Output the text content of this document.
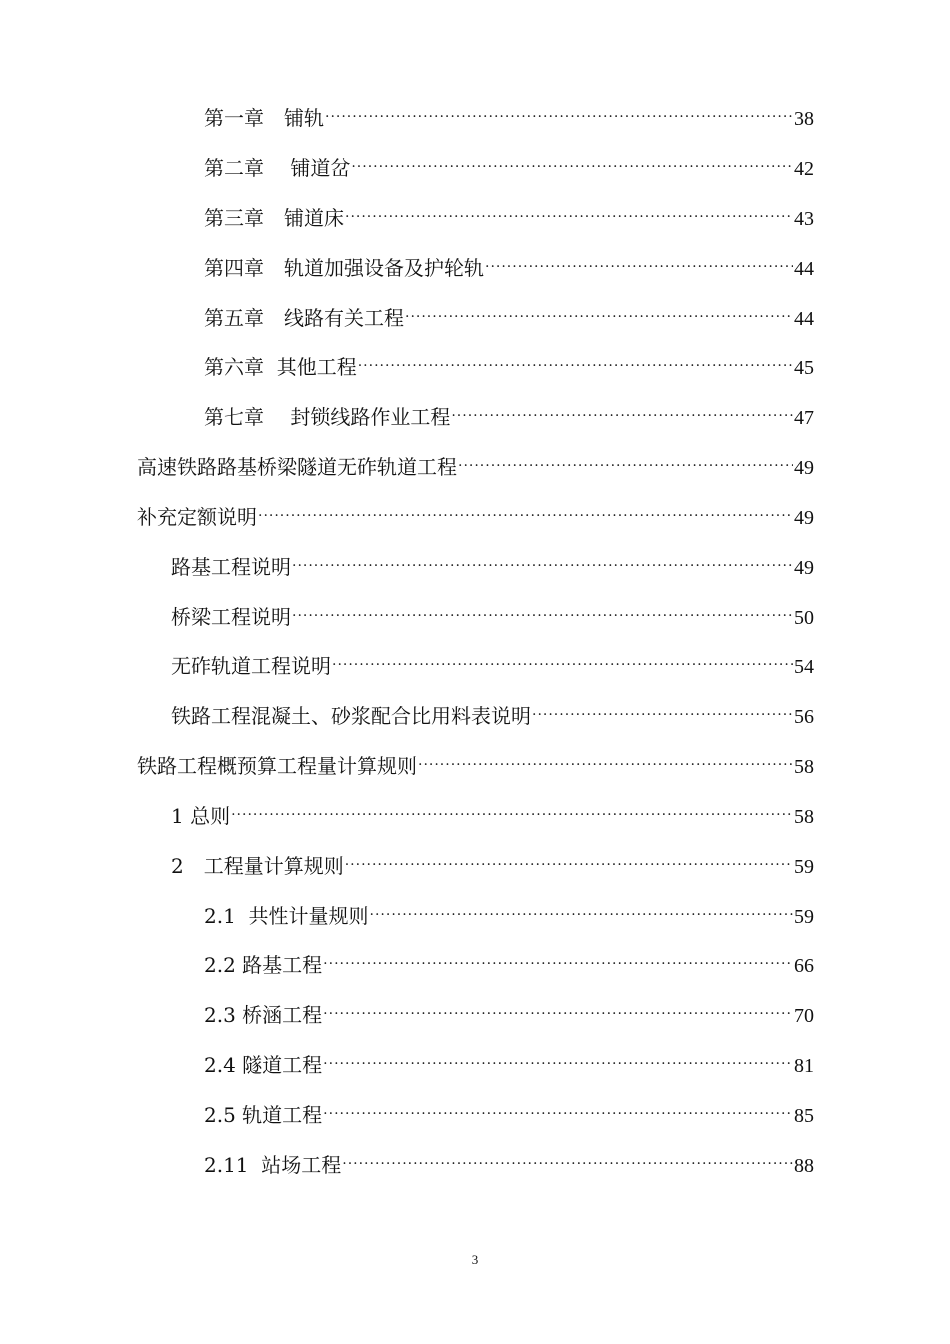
第一章　铺轨 .....	38
第二章　 铺道岔 .....	42
第三章　铺道床 .....	43
第四章　轨道加强设备及护轮轨 .....	44
第五章　线路有关工程 .....	44
第六章  其他工程 .....	45
第七章　 封锁线路作业工程 .....	47
高速铁路路基桥梁隧道无砟轨道工程 .....	49
补充定额说明 .....	49
路基工程说明 .....	49
桥梁工程说明 .....	50
无砟轨道工程说明 .....	54
铁路工程混凝土、砂浆配合比用料表说明 .....	56
铁路工程概预算工程量计算规则 .....	58
1 总则 .....	58
2　工程量计算规则 .....	59
2.1  共性计量规则 .....	59
2.2 路基工程 .....	66
2.3 桥涵工程 .....	70
2.4 隧道工程 .....	81
2.5 轨道工程 .....	85
2.11  站场工程 .....	88
3
